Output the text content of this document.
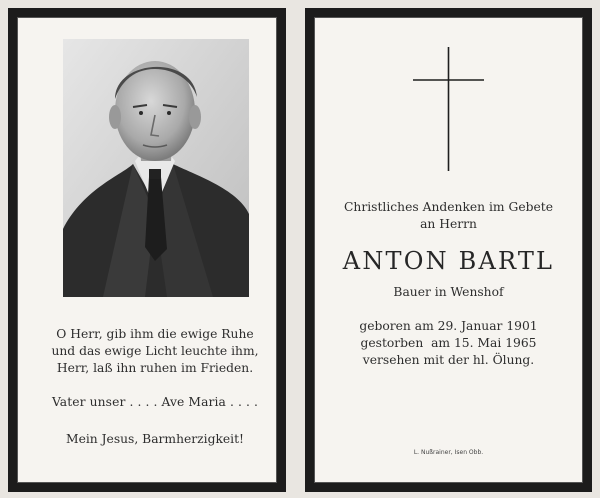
O Herr, gib ihm die ewige Ruhe

und das ewige Licht leuchte ihm,

Herr, laß ihn ruhen im Frieden.

Vater unser . . . . Ave Maria . . . .
Mein Jesus, Barmherzigkeit!

Christliches Andenken im Gebete

an Herrn

ANTON BARTL
Bauer in Wenshof

geboren am 29. Januar 1901

gestorben  am 15. Mai 1965

versehen mit der hl. Ölung.

L. Nußrainer, Isen Obb.
